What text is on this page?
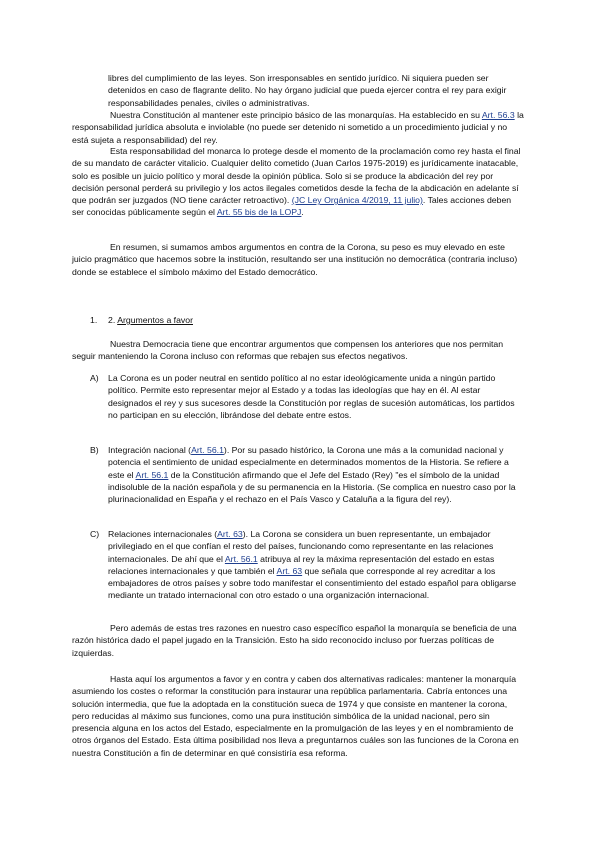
libres del cumplimiento de las leyes. Son irresponsables en sentido jurídico. Ni siquiera pueden ser detenidos en caso de flagrante delito. No hay órgano judicial que pueda ejercer contra el rey para exigir responsabilidades penales, civiles o administrativas.

Nuestra Constitución al mantener este principio básico de las monarquías. Ha establecido en su Art. 56.3 la responsabilidad jurídica absoluta e inviolable (no puede ser detenido ni sometido a un procedimiento judicial y no está sujeta a responsabilidad) del rey.

Esta responsabilidad del monarca lo protege desde el momento de la proclamación como rey hasta el final de su mandato de carácter vitalicio. Cualquier delito cometido (Juan Carlos 1975-2019) es jurídicamente inatacable, solo es posible un juicio político y moral desde la opinión pública. Solo si se produce la abdicación del rey por decisión personal perderá su privilegio y los actos ilegales cometidos desde la fecha de la abdicación en adelante sí que podrán ser juzgados (NO tiene carácter retroactivo). (JC Ley Orgánica 4/2019, 11 julio). Tales acciones deben ser conocidas públicamente según el Art. 55 bis de la LOPJ.

En resumen, si sumamos ambos argumentos en contra de la Corona, su peso es muy elevado en este juicio pragmático que hacemos sobre la institución, resultando ser una institución no democrática (contraria incluso) donde se establece el símbolo máximo del Estado democrático.

1. 2. Argumentos a favor

Nuestra Democracia tiene que encontrar argumentos que compensen los anteriores que nos permitan seguir manteniendo la Corona incluso con reformas que rebajen sus efectos negativos.

A) La Corona es un poder neutral en sentido político al no estar ideológicamente unida a ningún partido político. Permite esto representar mejor al Estado y a todas las ideologías que hay en él. Al estar designados el rey y sus sucesores desde la Constitución por reglas de sucesión automáticas, los partidos no participan en su elección, librándose del debate entre estos.

B) Integración nacional (Art. 56.1). Por su pasado histórico, la Corona une más a la comunidad nacional y potencia el sentimiento de unidad especialmente en determinados momentos de la Historia. Se refiere a este el Art. 56.1 de la Constitución afirmando que el Jefe del Estado (Rey) "es el símbolo de la unidad indisoluble de la nación española y de su permanencia en la Historia. (Se complica en nuestro caso por la plurinacionalidad en España y el rechazo en el País Vasco y Cataluña a la figura del rey).

C) Relaciones internacionales (Art. 63). La Corona se considera un buen representante, un embajador privilegiado en el que confían el resto del países, funcionando como representante en las relaciones internacionales. De ahí que el Art. 56.1 atribuya al rey la máxima representación del estado en estas relaciones internacionales y que también el Art. 63 que señala que corresponde al rey acreditar a los embajadores de otros países y sobre todo manifestar el consentimiento del estado español para obligarse mediante un tratado internacional con otro estado o una organización internacional.

Pero además de estas tres razones en nuestro caso específico español la monarquía se beneficia de una razón histórica dado el papel jugado en la Transición. Esto ha sido reconocido incluso por fuerzas políticas de izquierdas.

Hasta aquí los argumentos a favor y en contra y caben dos alternativas radicales: mantener la monarquía asumiendo los costes o reformar la constitución para instaurar una república parlamentaria. Cabría entonces una solución intermedia, que fue la adoptada en la constitución sueca de 1974 y que consiste en mantener la corona, pero reducidas al máximo sus funciones, como una pura institución simbólica de la unidad nacional, pero sin presencia alguna en los actos del Estado, especialmente en la promulgación de las leyes y en el nombramiento de otros órganos del Estado. Esta última posibilidad nos lleva a preguntarnos cuáles son las funciones de la Corona en nuestra Constitución a fin de determinar en qué consistiría esa reforma.
